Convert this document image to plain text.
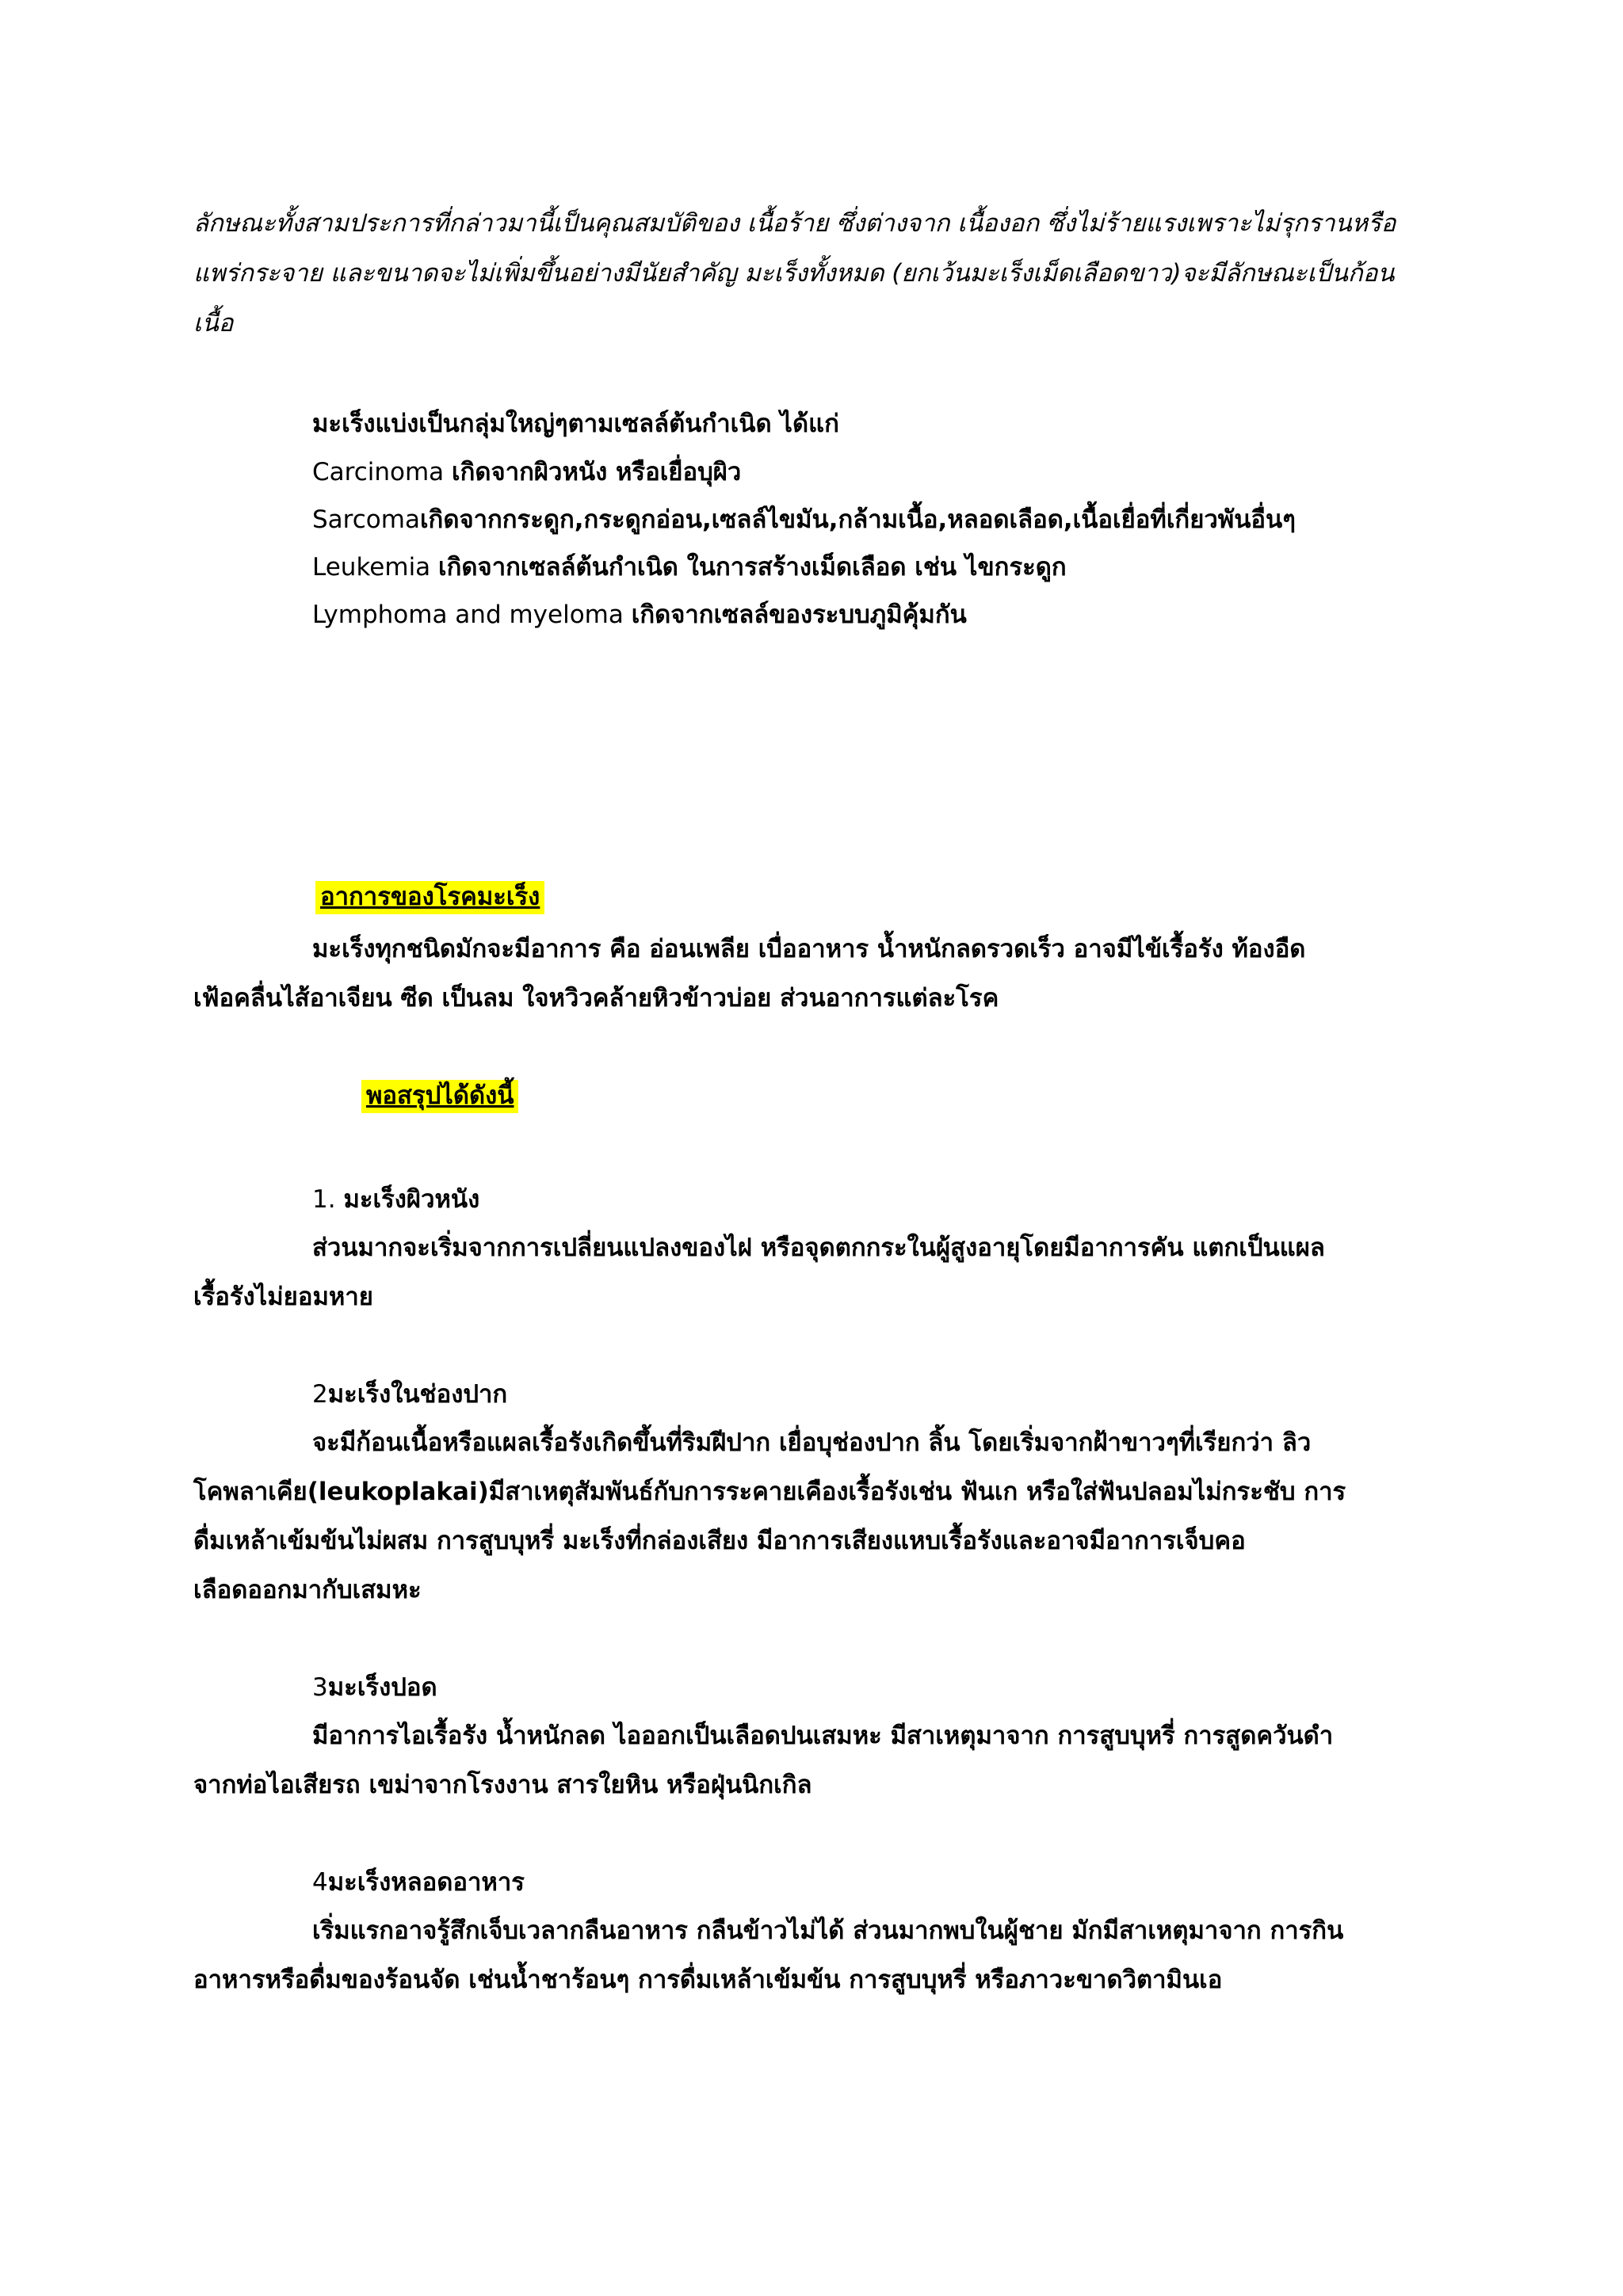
ลักษณะทั้งสามประการที่กล่าวมานี้เป็นคุณสมบัติของ เนื้อร้าย ซึ่งต่างจาก เนื้องอก ซึ่งไม่ร้ายแรงเพราะไม่รุกรานหรือ
แพร่กระจาย และขนาดจะไม่เพิ่มขึ้นอย่างมีนัยสำคัญ มะเร็งทั้งหมด (ยกเว้นมะเร็งเม็ดเลือดขาว)จะมีลักษณะเป็นก้อน
เนื้อ
มะเร็งแบ่งเป็นกลุ่มใหญ่ๆตามเซลล์ต้นกำเนิด ได้แก่
Carcinoma เกิดจากผิวหนัง หรือเยื่อบุผิว
Sarcomaเกิดจากกระดูก,กระดูกอ่อน,เซลล์ไขมัน,กล้ามเนื้อ,หลอดเลือด,เนื้อเยื่อที่เกี่ยวพันอื่นๆ
Leukemia เกิดจากเซลล์ต้นกำเนิด ในการสร้างเม็ดเลือด เช่น ไขกระดูก
Lymphoma and myeloma เกิดจากเซลล์ของระบบภูมิคุ้มกัน
อาการของโรคมะเร็ง
มะเร็งทุกชนิดมักจะมีอาการ คือ อ่อนเพลีย เบื่ออาหาร น้ำหนักลดรวดเร็ว อาจมีไข้เรื้อรัง ท้องอืด
เฟ้อคลื่นไส้อาเจียน ซีด เป็นลม ใจหวิวคล้ายหิวข้าวบ่อย ส่วนอาการแต่ละโรค
พอสรุปได้ดังนี้
1. มะเร็งผิวหนัง
ส่วนมากจะเริ่มจากการเปลี่ยนแปลงของไฝ หรือจุดตกกระในผู้สูงอายุโดยมีอาการคัน แตกเป็นแผล
เรื้อรังไม่ยอมหาย
2มะเร็งในช่องปาก
จะมีก้อนเนื้อหรือแผลเรื้อรังเกิดขึ้นที่ริมฝีปาก เยื่อบุช่องปาก ลิ้น โดยเริ่มจากฝ้าขาวๆที่เรียกว่า ลิว
โคพลาเคีย(leukoplakai)มีสาเหตุสัมพันธ์กับการระคายเคืองเรื้อรังเช่น ฟันเก หรือใส่ฟันปลอมไม่กระชับ การ
ดื่มเหล้าเข้มข้นไม่ผสม การสูบบุหรี่ มะเร็งที่กล่องเสียง มีอาการเสียงแหบเรื้อรังและอาจมีอาการเจ็บคอ
เลือดออกมากับเสมหะ
3มะเร็งปอด
มีอาการไอเรื้อรัง น้ำหนักลด ไอออกเป็นเลือดปนเสมหะ มีสาเหตุมาจาก การสูบบุหรี่ การสูดควันดำ
จากท่อไอเสียรถ เขม่าจากโรงงาน สารใยหิน หรือฝุ่นนิกเกิล
4มะเร็งหลอดอาหาร
เริ่มแรกอาจรู้สึกเจ็บเวลากลืนอาหาร กลืนข้าวไม่ได้ ส่วนมากพบในผู้ชาย มักมีสาเหตุมาจาก การกิน
อาหารหรือดื่มของร้อนจัด เช่นน้ำชาร้อนๆ การดื่มเหล้าเข้มข้น การสูบบุหรี่ หรือภาวะขาดวิตามินเอ
